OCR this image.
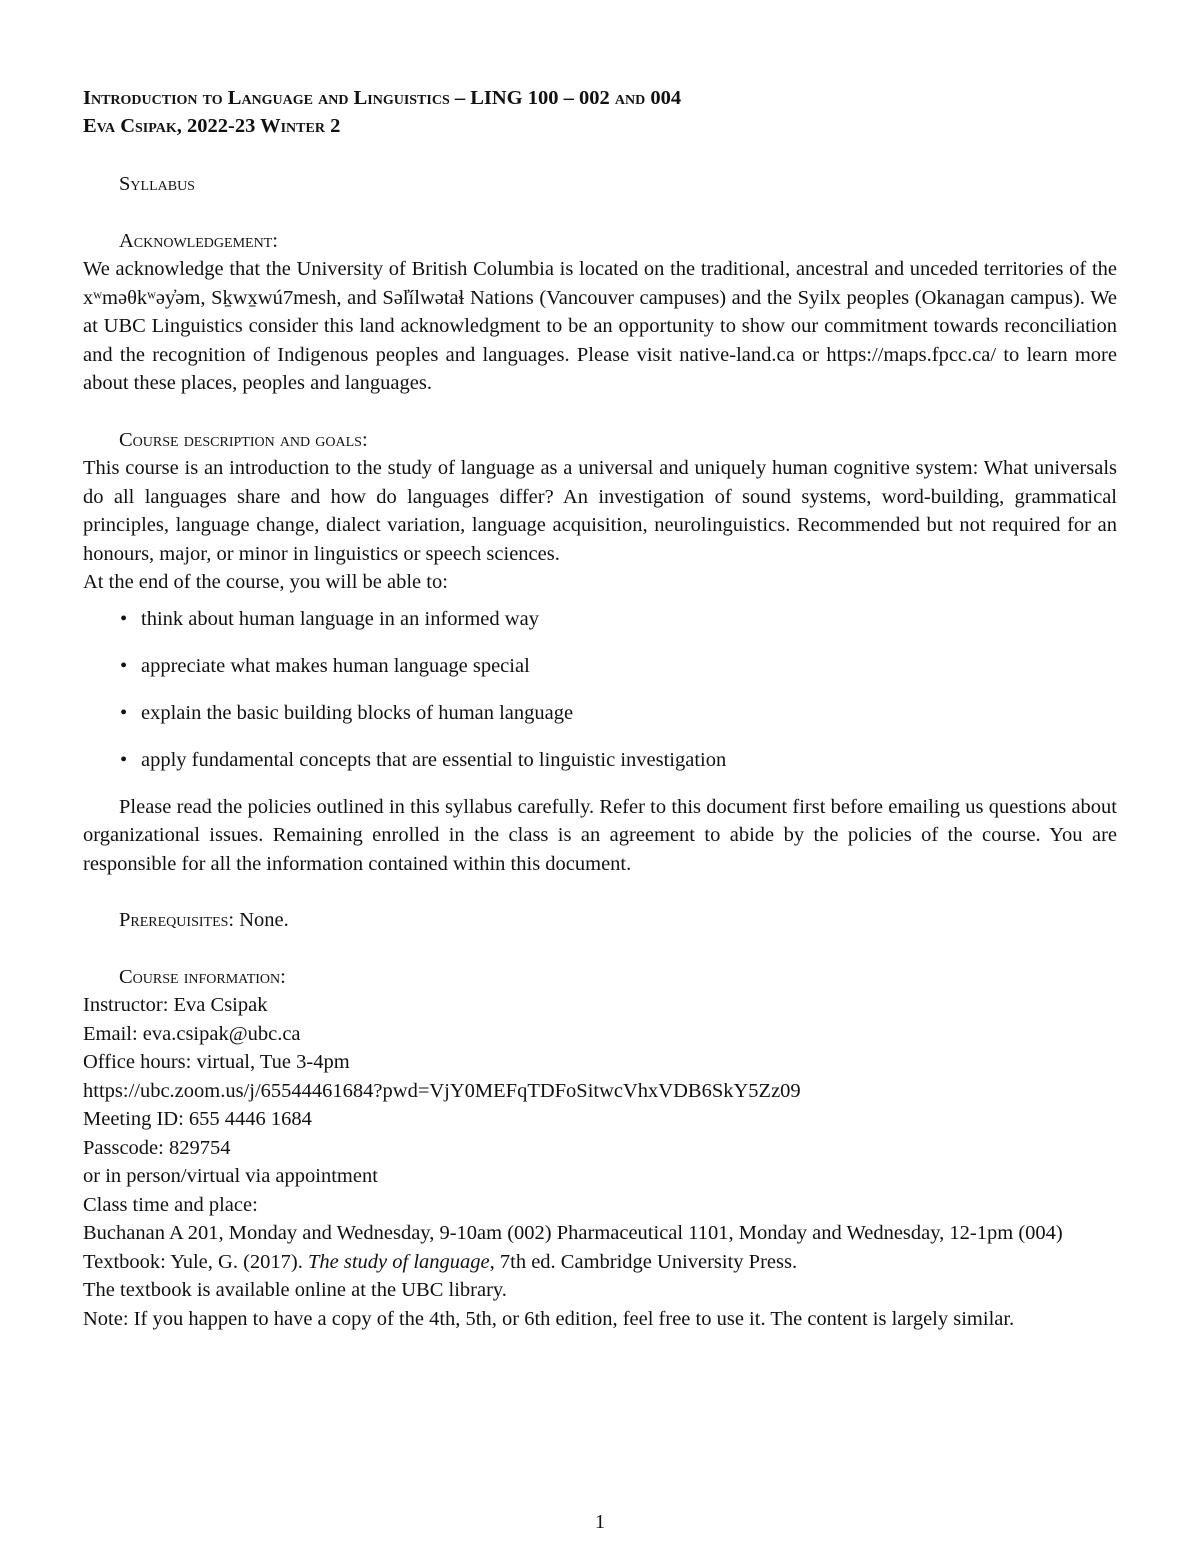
Introduction to Language and Linguistics – LING 100 – 002 and 004
Eva Csipak, 2022-23 Winter 2

Syllabus

Acknowledgement:

We acknowledge that the University of British Columbia is located on the traditional, ancestral and unceded territories of the xʷməθkʷəy̓əm, Sḵwx̱wú7mesh, and Səl̓ílwətaɬ Nations (Vancouver campuses) and the Syilx peoples (Okanagan campus). We at UBC Linguistics consider this land acknowledgment to be an opportunity to show our commitment towards reconciliation and the recognition of Indigenous peoples and languages. Please visit native-land.ca or https://maps.fpcc.ca/ to learn more about these places, peoples and languages.

Course description and goals:

This course is an introduction to the study of language as a universal and uniquely human cognitive system: What universals do all languages share and how do languages differ? An investigation of sound systems, word-building, grammatical principles, language change, dialect variation, language acquisition, neurolinguistics. Recommended but not required for an honours, major, or minor in linguistics or speech sciences.

At the end of the course, you will be able to:

• think about human language in an informed way
• appreciate what makes human language special
• explain the basic building blocks of human language
• apply fundamental concepts that are essential to linguistic investigation

Please read the policies outlined in this syllabus carefully. Refer to this document first before emailing us questions about organizational issues. Remaining enrolled in the class is an agreement to abide by the policies of the course. You are responsible for all the information contained within this document.

Prerequisites: None.

Course information:

Instructor: Eva Csipak
Email: eva.csipak@ubc.ca
Office hours: virtual, Tue 3-4pm
https://ubc.zoom.us/j/65544461684?pwd=VjY0MEFqTDFoSitwcVhxVDB6SkY5Zz09
Meeting ID: 655 4446 1684
Passcode: 829754
or in person/virtual via appointment
Class time and place:

Buchanan A 201, Monday and Wednesday, 9-10am (002) Pharmaceutical 1101, Monday and Wednesday, 12-1pm (004)

Textbook: Yule, G. (2017). The study of language, 7th ed. Cambridge University Press.

The textbook is available online at the UBC library.

Note: If you happen to have a copy of the 4th, 5th, or 6th edition, feel free to use it. The content is largely similar.

1
